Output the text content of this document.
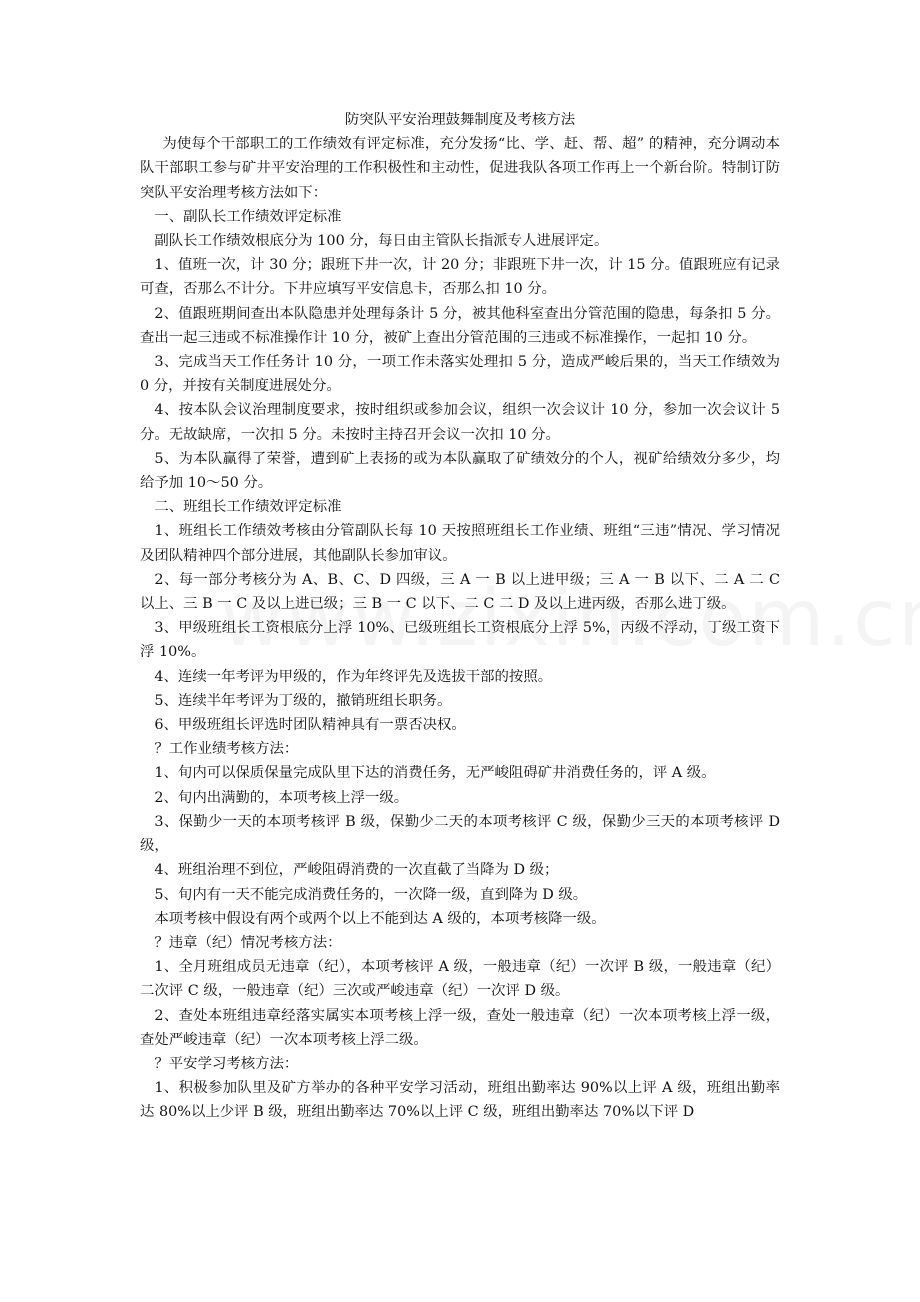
防突队平安治理鼓舞制度及考核方法

为使每个干部职工的工作绩效有评定标准，充分发扬“比、学、赶、帮、超” 的精神，充分调动本队干部职工参与矿井平安治理的工作积极性和主动性，促进我队各项工作再上一个新台阶。特制订防突队平安治理考核方法如下：

一、副队长工作绩效评定标准

副队长工作绩效根底分为 100 分，每日由主管队长指派专人进展评定。

1、值班一次，计 30 分；跟班下井一次，计 20 分；非跟班下井一次，计 15 分。值跟班应有记录可查，否那么不计分。下井应填写平安信息卡，否那么扣 10 分。

2、值跟班期间查出本队隐患并处理每条计 5 分，被其他科室查出分管范围的隐患，每条扣 5 分。查出一起三违或不标准操作计 10 分，被矿上查出分管范围的三违或不标准操作，一起扣 10 分。

3、完成当天工作任务计 10 分，一项工作未落实处理扣 5 分，造成严峻后果的，当天工作绩效为 0 分，并按有关制度进展处分。

4、按本队会议治理制度要求，按时组织或参加会议，组织一次会议计 10 分，参加一次会议计 5 分。无故缺席，一次扣 5 分。未按时主持召开会议一次扣 10 分。

5、为本队赢得了荣誉，遭到矿上表扬的或为本队赢取了矿绩效分的个人，视矿给绩效分多少，均给予加 10～50 分。

二、班组长工作绩效评定标准

1、班组长工作绩效考核由分管副队长每 10 天按照班组长工作业绩、班组“三违”情况、学习情况及团队精神四个部分进展，其他副队长参加审议。

2、每一部分考核分为 A、B、C、D 四级，三 A 一 B 以上进甲级；三 A 一 B 以下、二 A 二 C 以上、三 B 一 C 及以上进已级；三 B 一 C 以下、二 C 二 D 及以上进丙级，否那么进丁级。

3、甲级班组长工资根底分上浮 10%、已级班组长工资根底分上浮 5%，丙级不浮动，丁级工资下浮 10%。

4、连续一年考评为甲级的，作为年终评先及选拔干部的按照。

5、连续半年考评为丁级的，撤销班组长职务。

6、甲级班组长评选时团队精神具有一票否决权。

？工作业绩考核方法：

1、旬内可以保质保量完成队里下达的消费任务，无严峻阻碍矿井消费任务的，评 A 级。

2、旬内出满勤的，本项考核上浮一级。

3、保勤少一天的本项考核评 B 级，保勤少二天的本项考核评 C 级，保勤少三天的本项考核评 D 级，

4、班组治理不到位，严峻阻碍消费的一次直截了当降为 D 级；

5、旬内有一天不能完成消费任务的，一次降一级，直到降为 D 级。

本项考核中假设有两个或两个以上不能到达 A 级的，本项考核降一级。

？违章（纪）情况考核方法：

1、全月班组成员无违章（纪），本项考核评 A 级，一般违章（纪）一次评 B 级，一般违章（纪）二次评 C 级，一般违章（纪）三次或严峻违章（纪）一次评 D 级。

2、查处本班组违章经落实属实本项考核上浮一级，查处一般违章（纪）一次本项考核上浮一级，查处严峻违章（纪）一次本项考核上浮二级。

？平安学习考核方法：

1、积极参加队里及矿方举办的各种平安学习活动，班组出勤率达 90%以上评 A 级，班组出勤率达 80%以上少评 B 级，班组出勤率达 70%以上评 C 级，班组出勤率达 70%以下评 D
